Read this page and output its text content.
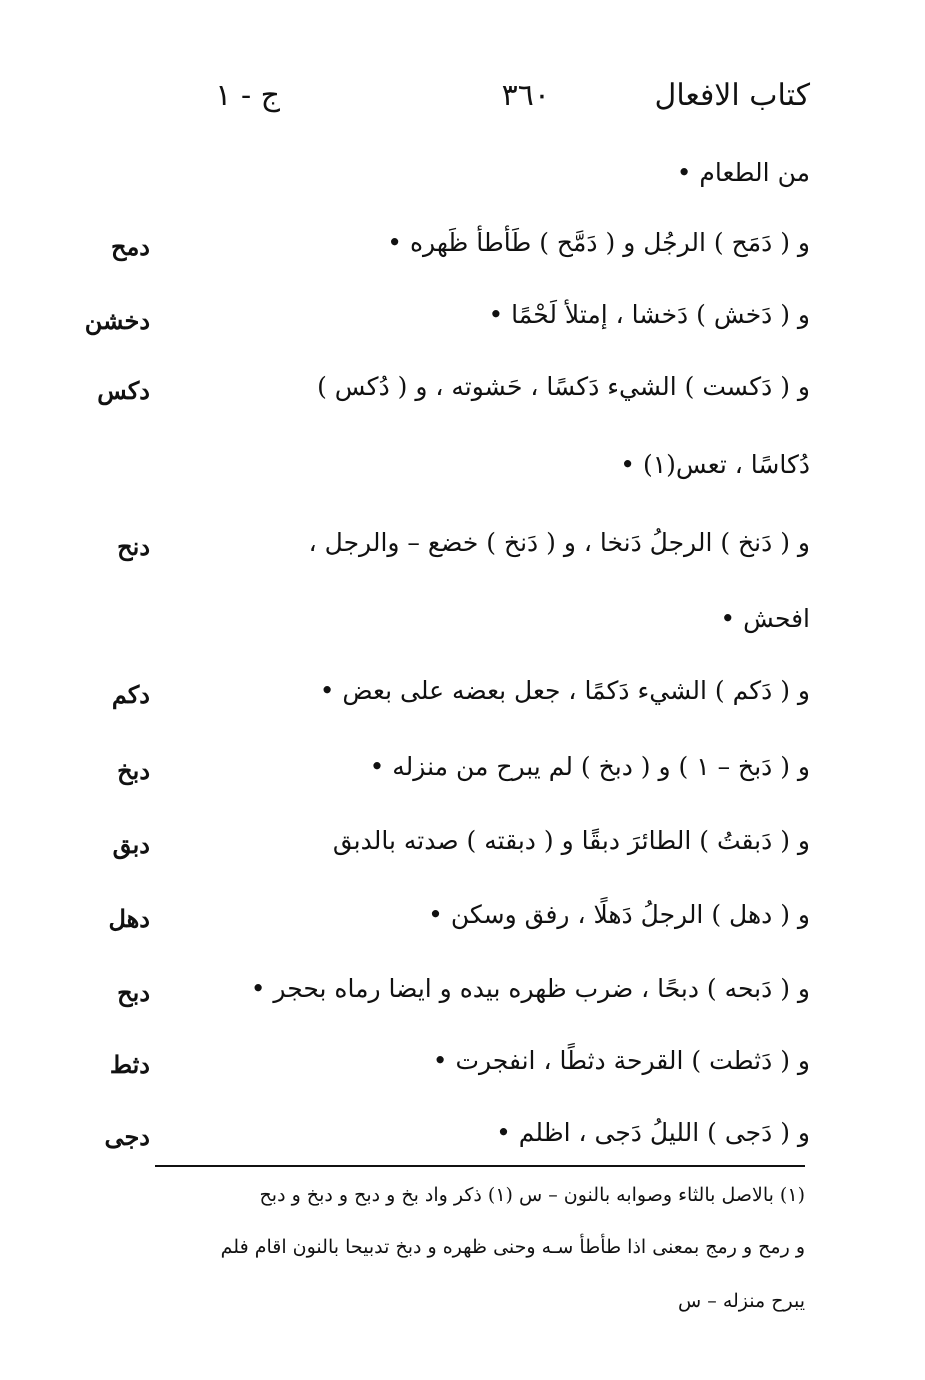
كتاب الافعال
٣٦٠
ج - ١
من الطعام •
و ( دَمَح ) الرجُل و ( دَمَّح ) طَأطأ ظَهره •
دمح
و ( دَخش ) دَخشا ، إمتلأ لَحْمًا •
دخشن
و ( دَكست ) الشيء دَكسًا ، حَشوته ، و ( دُكس )
دكس
دُكاسًا ، تعس(١) •
و ( دَنخ ) الرجلُ دَنخا ، و ( دَنخ ) خضع – والرجل ،
دنح
افحش •
و ( دَكم ) الشيء دَكمًا ، جعل بعضه على بعض •
دكم
و ( دَبخ – ١ ) و ( دبخ ) لم يبرح من منزله •
دبخ
و ( دَبقتُ ) الطائرَ دبقًا و ( دبقته ) صدته بالدبق
دبق
و ( دهل ) الرجلُ دَهلًا ، رفق وسكن •
دهل
و ( دَبحه ) دبحًا ، ضرب ظهره بيده و ايضا رماه بحجر •
دبح
و ( دَثطت ) القرحة دثطًا ، انفجرت •
دثط
و ( دَجى ) الليلُ دَجى ، اظلم •
دجى
(١) بالاصل بالثاء وصوابه بالنون – س (١) ذكر واد بخ و دبح و دبخ و دبح
و رمح و رمج بمعنى اذا طأطأ سـه وحنى ظهره و دبخ تدبيحا بالنون اقام فلم
يبرح منزله – س
